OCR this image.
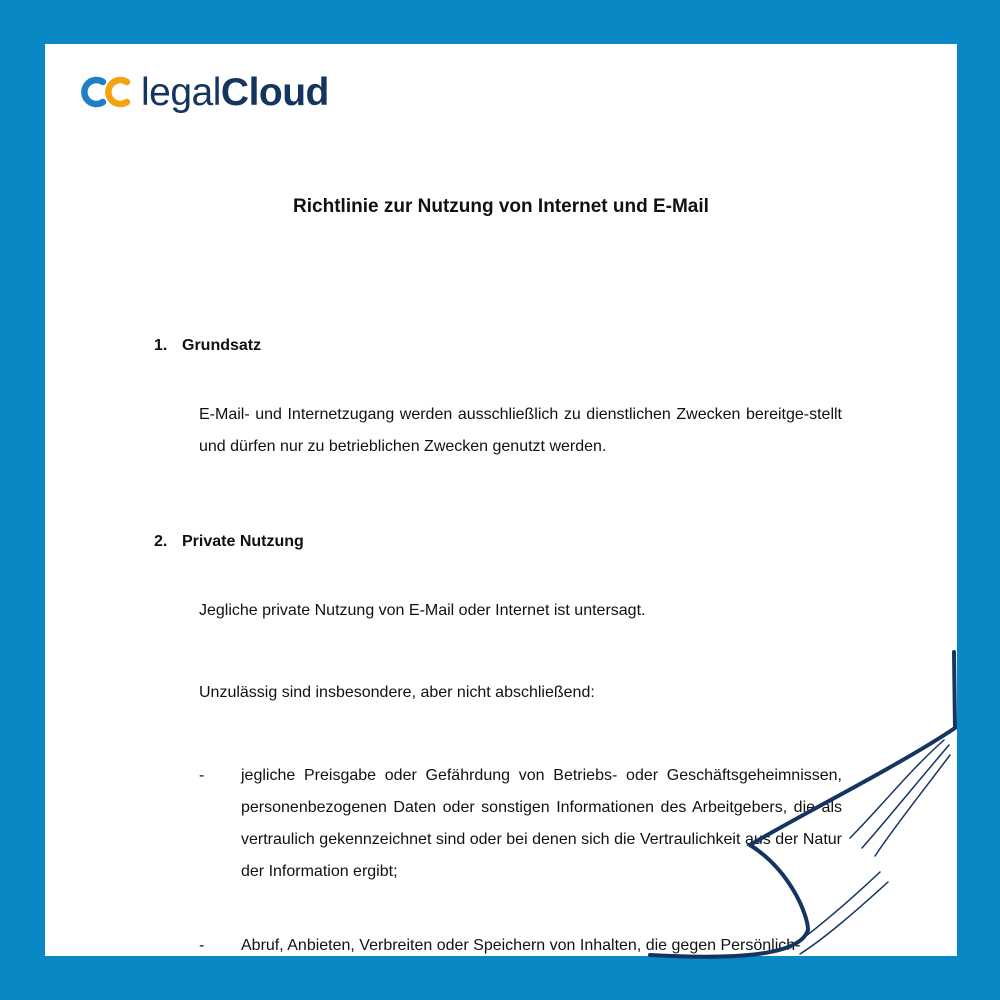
legalCloud
Richtlinie zur Nutzung von Internet und E-Mail
1. Grundsatz
E-Mail- und Internetzugang werden ausschließlich zu dienstlichen Zwecken bereitge-stellt und dürfen nur zu betrieblichen Zwecken genutzt werden.
2. Private Nutzung
Jegliche private Nutzung von E-Mail oder Internet ist untersagt.
Unzulässig sind insbesondere, aber nicht abschließend:
-	jegliche Preisgabe oder Gefährdung von Betriebs- oder Geschäftsgeheimnissen, personenbezogenen Daten oder sonstigen Informationen des Arbeitgebers, die als vertraulich gekennzeichnet sind oder bei denen sich die Vertraulichkeit aus der Natur der Information ergibt;
-	Abruf, Anbieten, Verbreiten oder Speichern von Inhalten, die gegen Persönlich-
